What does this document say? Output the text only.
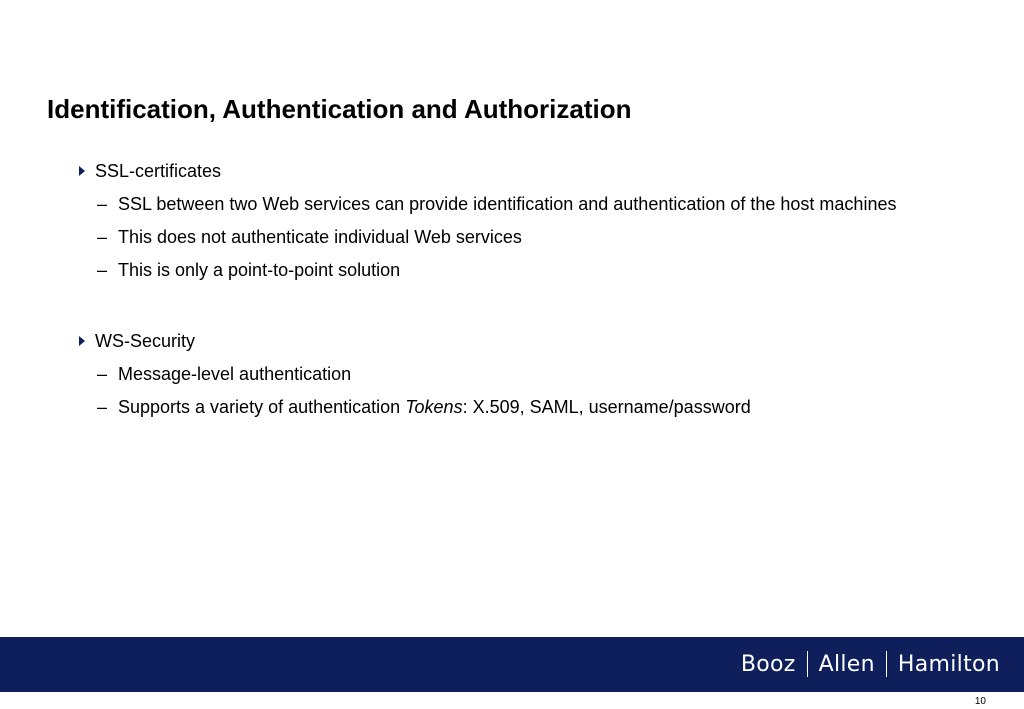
Identification, Authentication and Authorization
SSL-certificates
– SSL between two Web services can provide identification and authentication of the host machines
– This does not authenticate individual Web services
– This is only a point-to-point solution
WS-Security
– Message-level authentication
– Supports a variety of authentication Tokens: X.509, SAML, username/password
Booz Allen Hamilton
10
